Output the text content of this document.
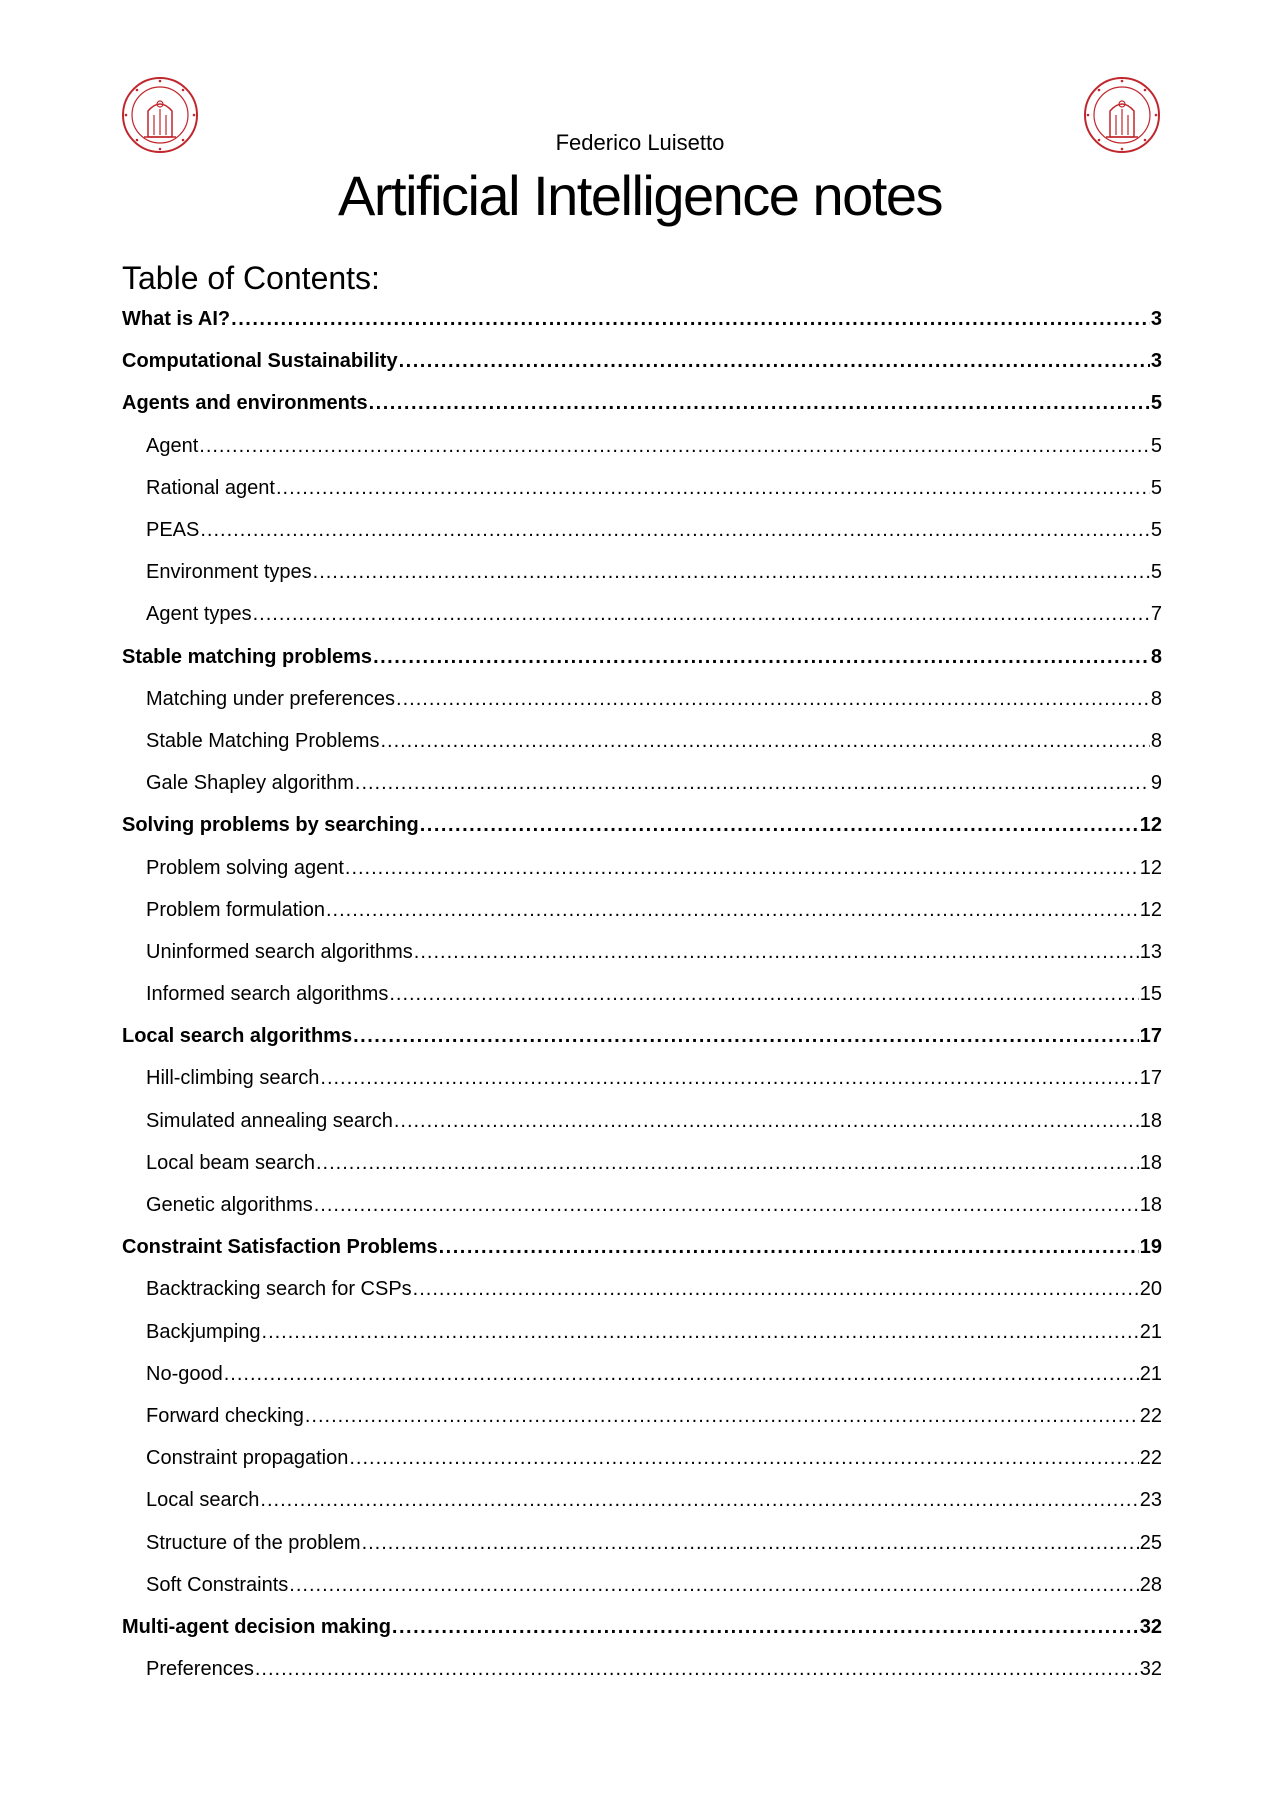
Federico Luisetto
Artificial Intelligence notes
Table of Contents:
What is AI? .....	3
Computational Sustainability .....	3
Agents and environments .....	5
Agent .....	5
Rational agent .....	5
PEAS .....	5
Environment types .....	5
Agent types .....	7
Stable matching problems .....	8
Matching under preferences .....	8
Stable Matching Problems .....	8
Gale Shapley algorithm .....	9
Solving problems by searching .....	12
Problem solving agent .....	12
Problem formulation .....	12
Uninformed search algorithms .....	13
Informed search algorithms .....	15
Local search algorithms .....	17
Hill-climbing search .....	17
Simulated annealing search .....	18
Local beam search .....	18
Genetic algorithms .....	18
Constraint Satisfaction Problems .....	19
Backtracking search for CSPs .....	20
Backjumping .....	21
No-good .....	21
Forward checking .....	22
Constraint propagation .....	22
Local search .....	23
Structure of the problem .....	25
Soft Constraints .....	28
Multi-agent decision making .....	32
Preferences .....	32
